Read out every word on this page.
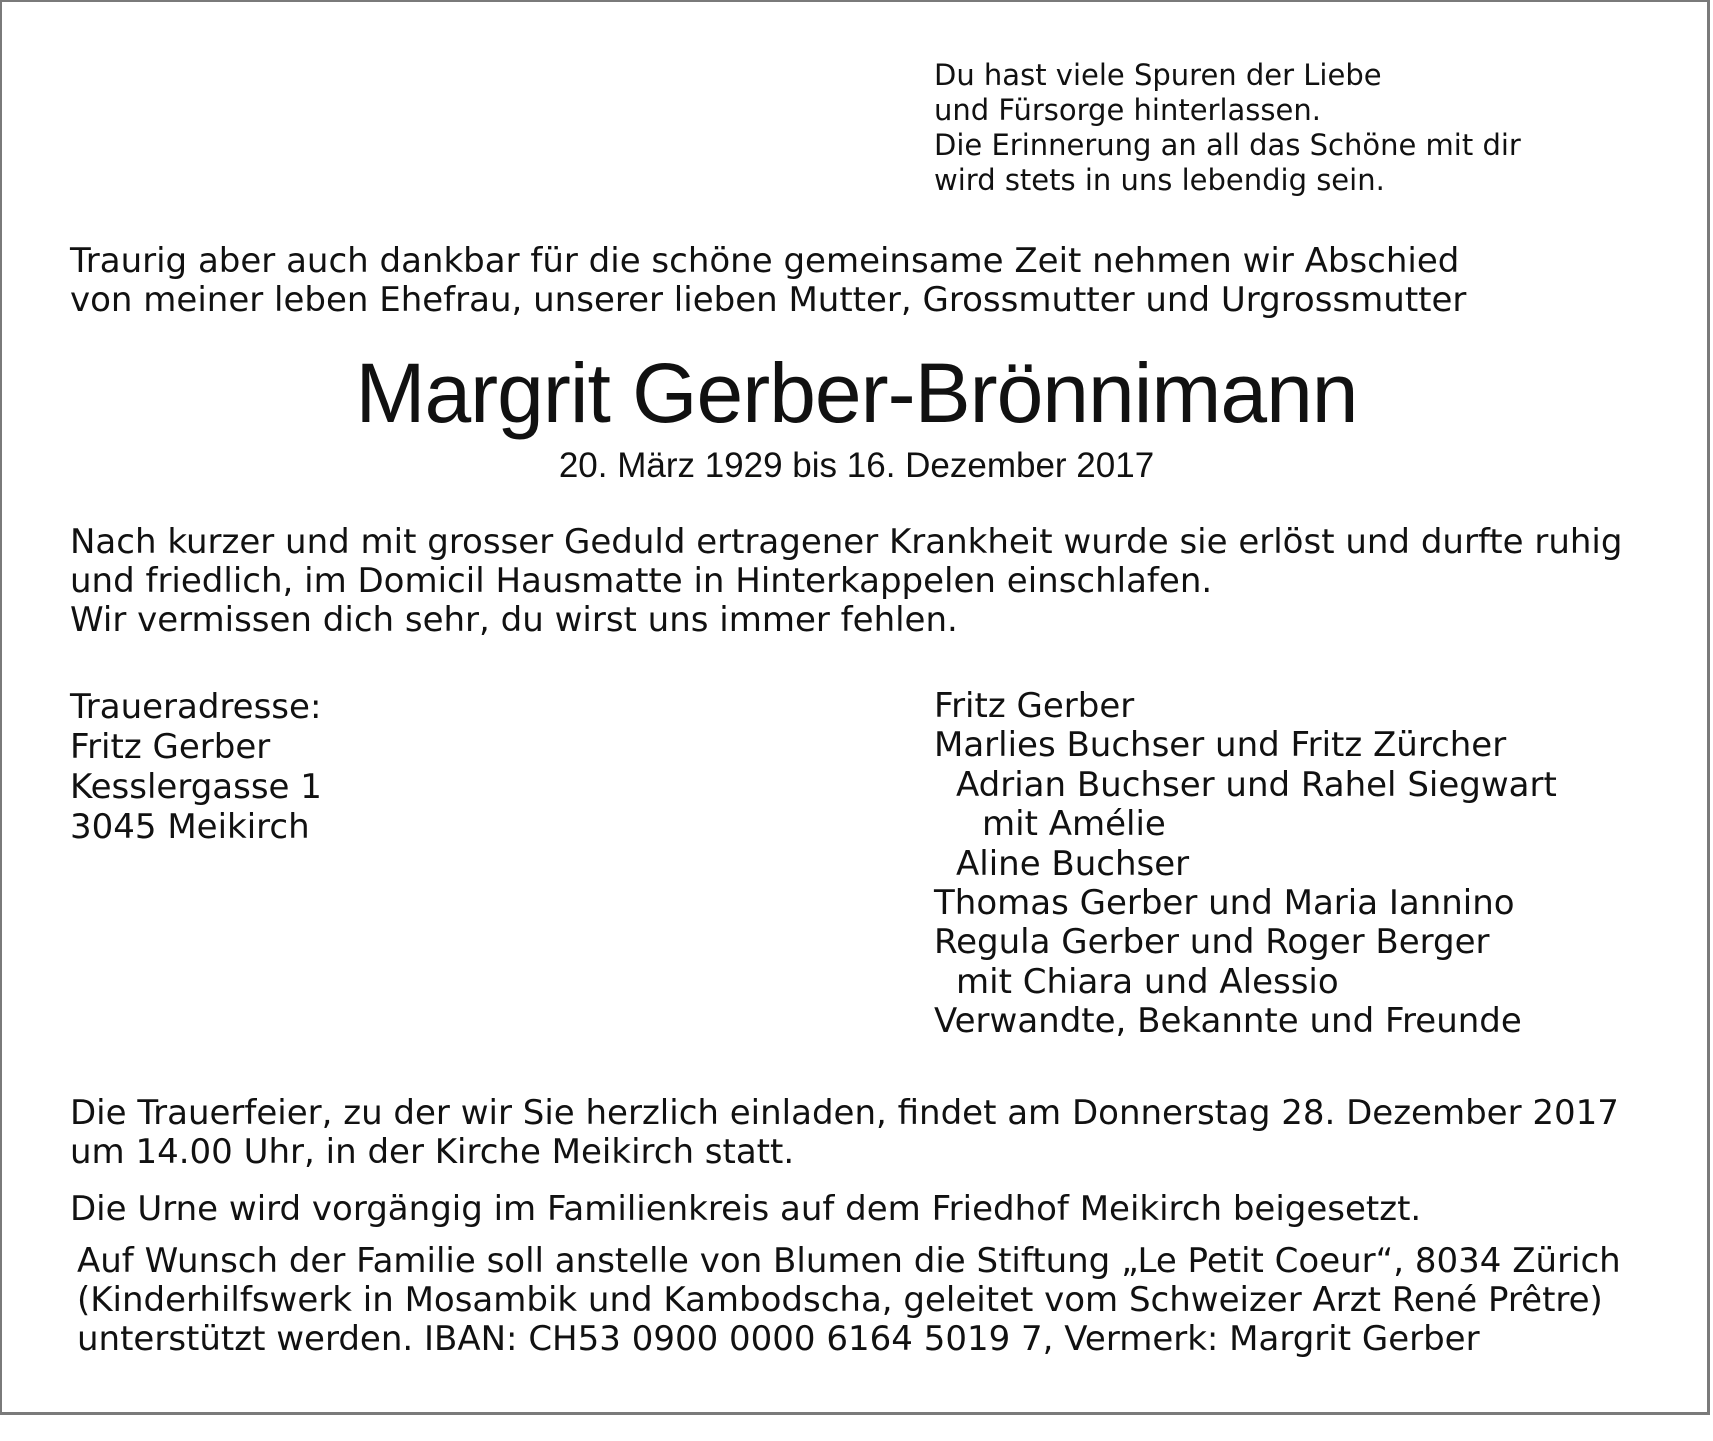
Du hast viele Spuren der Liebe
und Fürsorge hinterlassen.
Die Erinnerung an all das Schöne mit dir
wird stets in uns lebendig sein.
Traurig aber auch dankbar für die schöne gemeinsame Zeit nehmen wir Abschied
von meiner leben Ehefrau, unserer lieben Mutter, Grossmutter und Urgrossmutter
Margrit Gerber-Brönnimann
20. März 1929 bis 16. Dezember 2017
Nach kurzer und mit grosser Geduld ertragener Krankheit wurde sie erlöst und durfte ruhig
und friedlich, im Domicil Hausmatte in Hinterkappelen einschlafen.
Wir vermissen dich sehr, du wirst uns immer fehlen.
Traueradresse:
Fritz Gerber
Kesslergasse 1
3045 Meikirch
Fritz Gerber
Marlies Buchser und Fritz Zürcher
Adrian Buchser und Rahel Siegwart
mit Amélie
Aline Buchser
Thomas Gerber und Maria Iannino
Regula Gerber und Roger Berger
mit Chiara und Alessio
Verwandte, Bekannte und Freunde
Die Trauerfeier, zu der wir Sie herzlich einladen, findet am Donnerstag 28. Dezember 2017
um 14.00 Uhr, in der Kirche Meikirch statt.
Die Urne wird vorgängig im Familienkreis auf dem Friedhof Meikirch beigesetzt.
Auf Wunsch der Familie soll anstelle von Blumen die Stiftung „Le Petit Coeur“, 8034 Zürich
(Kinderhilfswerk in Mosambik und Kambodscha, geleitet vom Schweizer Arzt René Prêtre)
unterstützt werden. IBAN: CH53 0900 0000 6164 5019 7, Vermerk: Margrit Gerber
